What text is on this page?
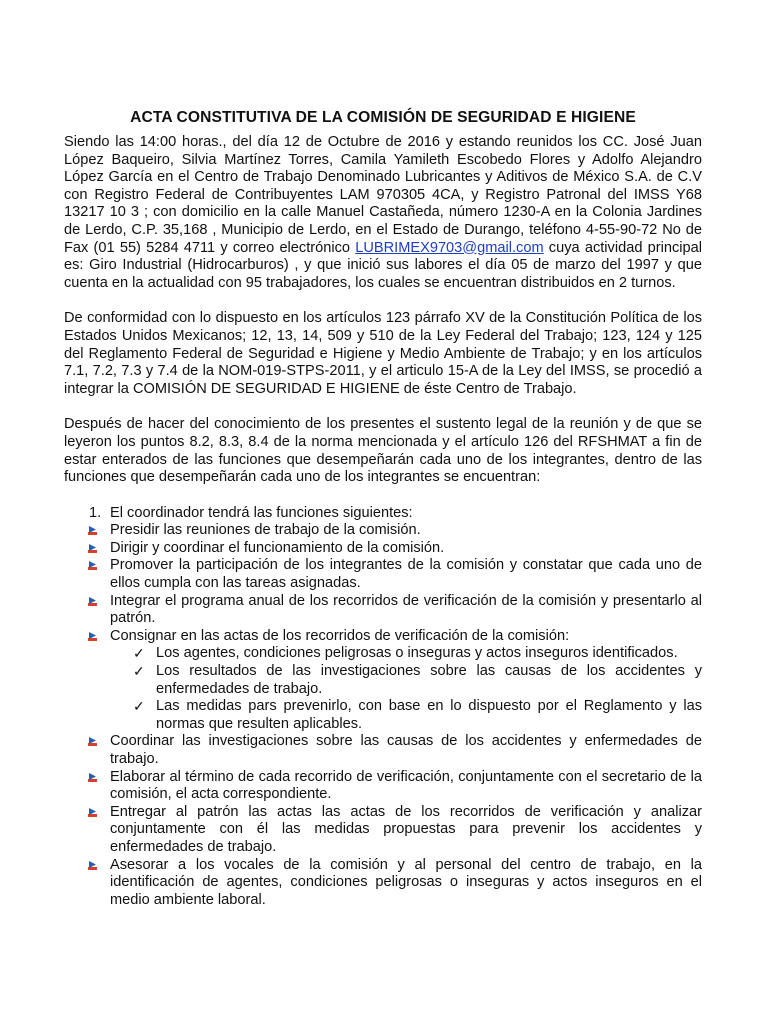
ACTA CONSTITUTIVA DE LA COMISIÓN DE SEGURIDAD E HIGIENE

Siendo las 14:00 horas., del día 12 de Octubre de 2016 y estando reunidos los CC. José Juan López Baqueiro, Silvia Martínez Torres, Camila Yamileth Escobedo Flores y Adolfo Alejandro López García en el Centro de Trabajo Denominado Lubricantes y Aditivos de México S.A. de C.V con Registro Federal de Contribuyentes LAM 970305 4CA, y Registro Patronal del IMSS Y68 13217 10 3 ; con domicilio en la calle Manuel Castañeda, número 1230-A en la Colonia Jardines de Lerdo, C.P. 35,168 , Municipio de Lerdo, en el Estado de Durango, teléfono 4-55-90-72 No de Fax (01 55) 5284 4711 y correo electrónico LUBRIMEX9703@gmail.com cuya actividad principal es: Giro Industrial (Hidrocarburos) , y que inició sus labores el día 05 de marzo del 1997 y que cuenta en la actualidad con 95 trabajadores, los cuales se encuentran distribuidos en 2 turnos.

De conformidad con lo dispuesto en los artículos 123 párrafo XV de la Constitución Política de los Estados Unidos Mexicanos; 12, 13, 14, 509 y 510 de la Ley Federal del Trabajo; 123, 124 y 125 del Reglamento Federal de Seguridad e Higiene y Medio Ambiente de Trabajo; y en los artículos 7.1, 7.2, 7.3 y 7.4 de la NOM-019-STPS-2011, y el articulo 15-A de la Ley del IMSS, se procedió a integrar la COMISIÓN DE SEGURIDAD E HIGIENE de éste Centro de Trabajo.

Después de hacer del conocimiento de los presentes el sustento legal de la reunión y de que se leyeron los puntos 8.2, 8.3, 8.4 de la norma mencionada y el artículo 126 del RFSHMAT a fin de estar enterados de las funciones que desempeñarán cada uno de los integrantes, dentro de las funciones que desempeñarán cada uno de los integrantes se encuentran:

1. El coordinador tendrá las funciones siguientes:
Presidir las reuniones de trabajo de la comisión.
Dirigir y coordinar el funcionamiento de la comisión.
Promover la participación de los integrantes de la comisión y constatar que cada uno de ellos cumpla con las tareas asignadas.
Integrar el programa anual de los recorridos de verificación de la comisión y presentarlo al patrón.
Consignar en las actas de los recorridos de verificación de la comisión:
✓ Los agentes, condiciones peligrosas o inseguras y actos inseguros identificados.
✓ Los resultados de las investigaciones sobre las causas de los accidentes y enfermedades de trabajo.
✓ Las medidas pars prevenirlo, con base en lo dispuesto por el Reglamento y las normas que resulten aplicables.
Coordinar las investigaciones sobre las causas de los accidentes y enfermedades de trabajo.
Elaborar al término de cada recorrido de verificación, conjuntamente con el secretario de la comisión, el acta correspondiente.
Entregar al patrón las actas las actas de los recorridos de verificación y analizar conjuntamente con él las medidas propuestas para prevenir los accidentes y enfermedades de trabajo.
Asesorar a los vocales de la comisión y al personal del centro de trabajo, en la identificación de agentes, condiciones peligrosas o inseguras y actos inseguros en el medio ambiente laboral.
